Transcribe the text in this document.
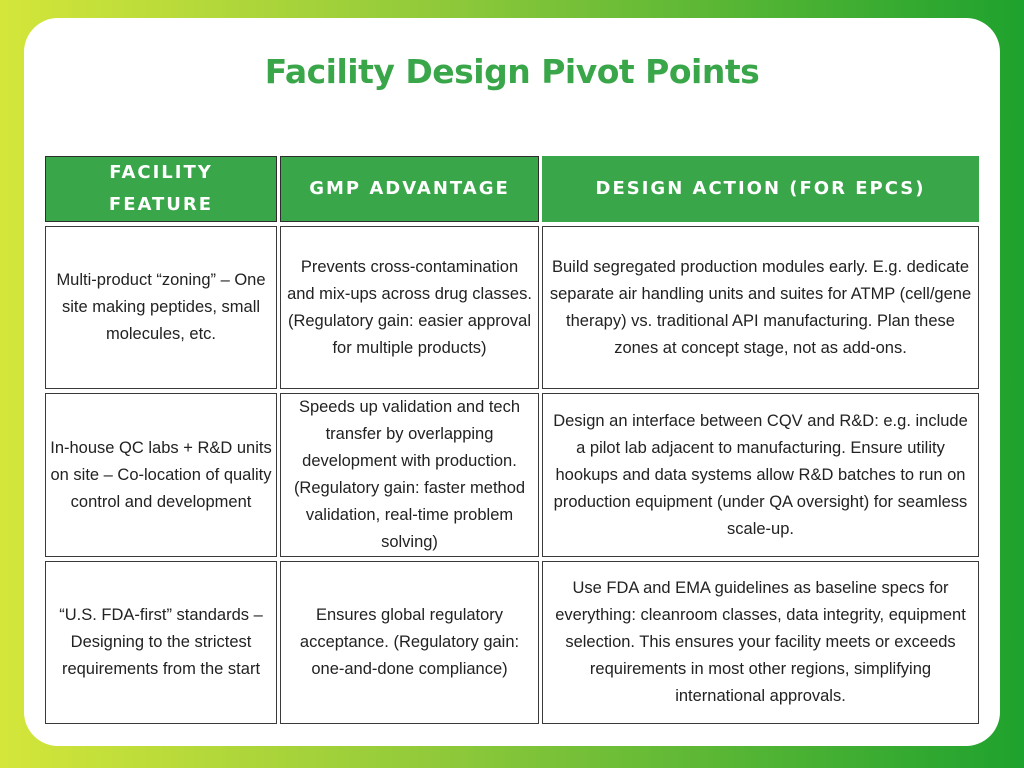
Facility Design Pivot Points
FACILITY FEATURE
GMP ADVANTAGE	DESIGN ACTION (FOR EPCS)
Multi-product “zoning” – One site making peptides, small molecules, etc.
Prevents cross-contamination and mix-ups across drug classes. (Regulatory gain: easier approval for multiple products)
Build segregated production modules early. E.g. dedicate separate air handling units and suites for ATMP (cell/gene therapy) vs. traditional API manufacturing. Plan these zones at concept stage, not as add-ons.
In-house QC labs + R&D units on site – Co-location of quality control and development
Speeds up validation and tech transfer by overlapping development with production. (Regulatory gain: faster method validation, real-time problem solving)
Design an interface between CQV and R&D: e.g. include a pilot lab adjacent to manufacturing. Ensure utility hookups and data systems allow R&D batches to run on production equipment (under QA oversight) for seamless scale-up.
“U.S. FDA-first” standards – Designing to the strictest requirements from the start
Ensures global regulatory acceptance. (Regulatory gain: one-and-done compliance)
Use FDA and EMA guidelines as baseline specs for everything: cleanroom classes, data integrity, equipment selection. This ensures your facility meets or exceeds requirements in most other regions, simplifying international approvals.
